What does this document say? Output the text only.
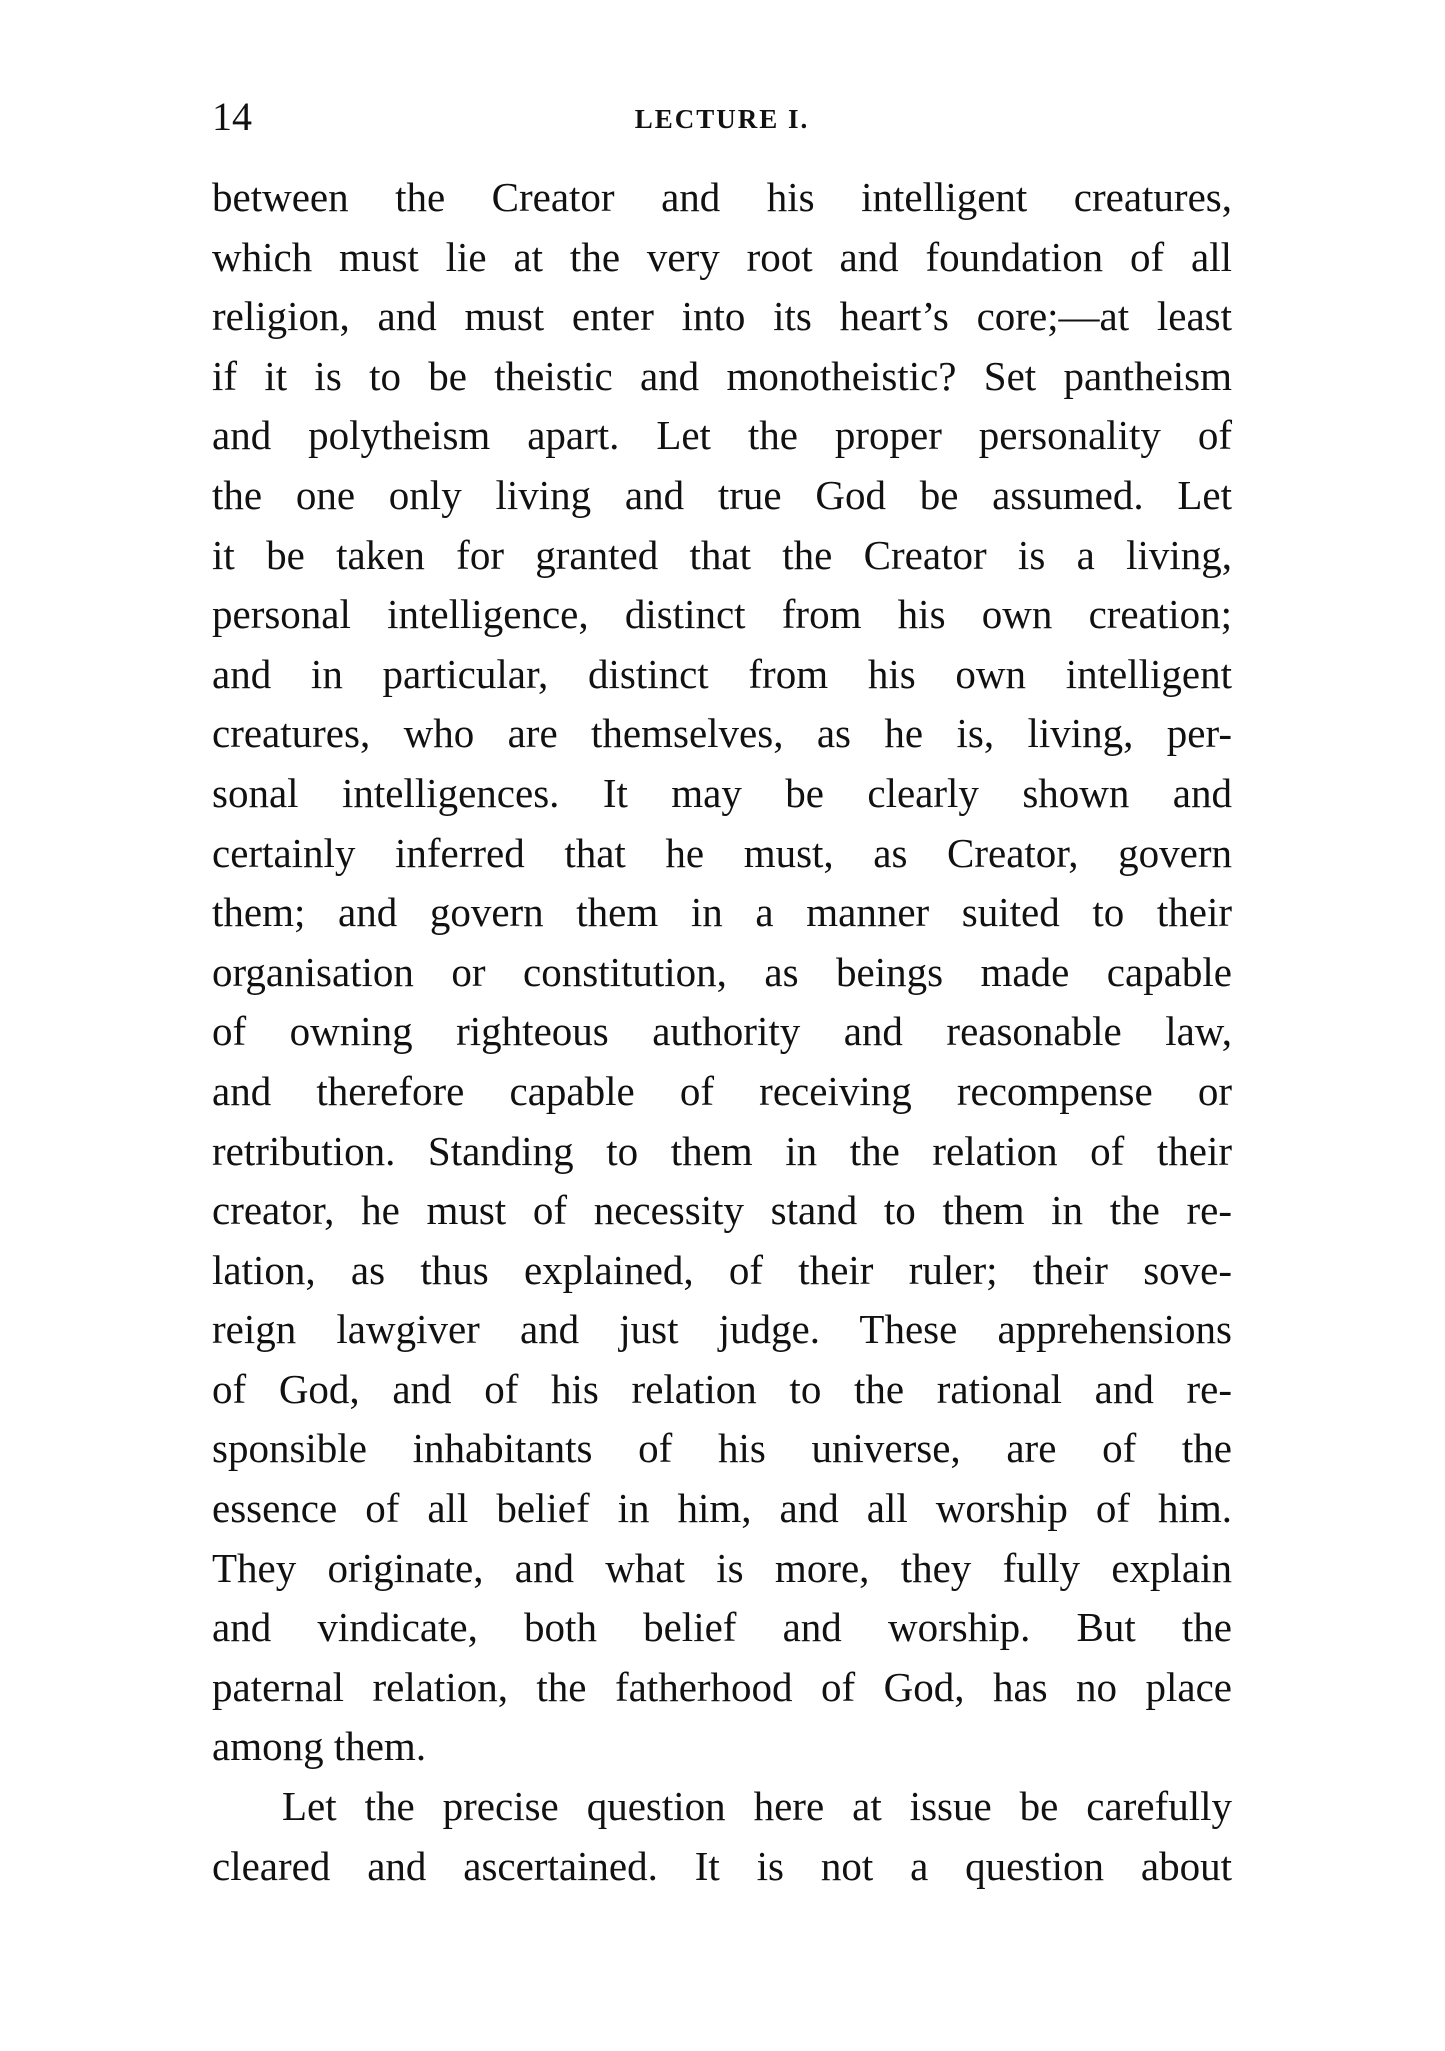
14	LECTURE I.
between the Creator and his intelligent creatures,
which must lie at the very root and foundation of all
religion, and must enter into its heart’s core;—at least
if it is to be theistic and monotheistic? Set pantheism
and polytheism apart. Let the proper personality of
the one only living and true God be assumed. Let
it be taken for granted that the Creator is a living,
personal intelligence, distinct from his own creation;
and in particular, distinct from his own intelligent
creatures, who are themselves, as he is, living, per-
sonal intelligences. It may be clearly shown and
certainly inferred that he must, as Creator, govern
them; and govern them in a manner suited to their
organisation or constitution, as beings made capable
of owning righteous authority and reasonable law,
and therefore capable of receiving recompense or
retribution. Standing to them in the relation of their
creator, he must of necessity stand to them in the re-
lation, as thus explained, of their ruler; their sove-
reign lawgiver and just judge. These apprehensions
of God, and of his relation to the rational and re-
sponsible inhabitants of his universe, are of the
essence of all belief in him, and all worship of him.
They originate, and what is more, they fully explain
and vindicate, both belief and worship. But the
paternal relation, the fatherhood of God, has no place
among them.
Let the precise question here at issue be carefully
cleared and ascertained. It is not a question about
